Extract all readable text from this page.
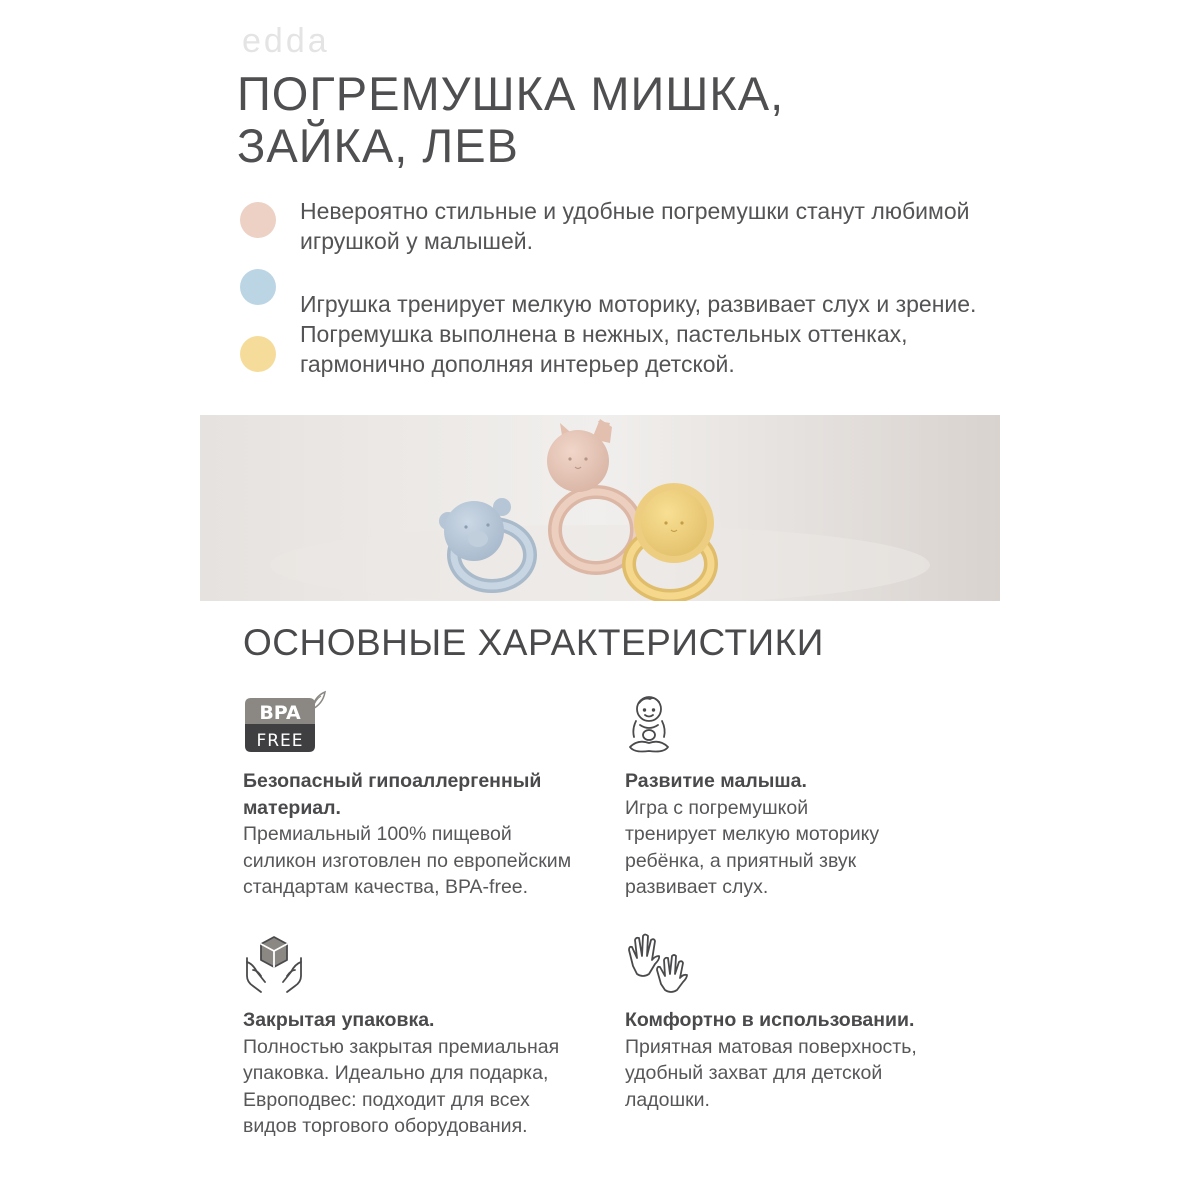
edda
ПОГРЕМУШКА МИШКА,
ЗАЙКА, ЛЕВ

Невероятно стильные и удобные погремушки станут любимой игрушкой у малышей.

Игрушка тренирует мелкую моторику, развивает слух и зрение. Погремушка выполнена в нежных, пастельных оттенках, гармонично дополняя интерьер детской.

ОСНОВНЫЕ ХАРАКТЕРИСТИКИ
BPA
FREE
Безопасный гипоаллергенный
материал.
Премиальный 100% пищевой
силикон изготовлен по европейским
стандартам качества, BPA-free.
Развитие малыша.
Игра с погремушкой
тренирует мелкую моторику
ребёнка, а приятный звук
развивает слух.
Закрытая упаковка.
Полностью закрытая премиальная
упаковка. Идеально для подарка,
Европодвес: подходит для всех
видов торгового оборудования.
Комфортно в использовании.
Приятная матовая поверхность,
удобный захват для детской
ладошки.
